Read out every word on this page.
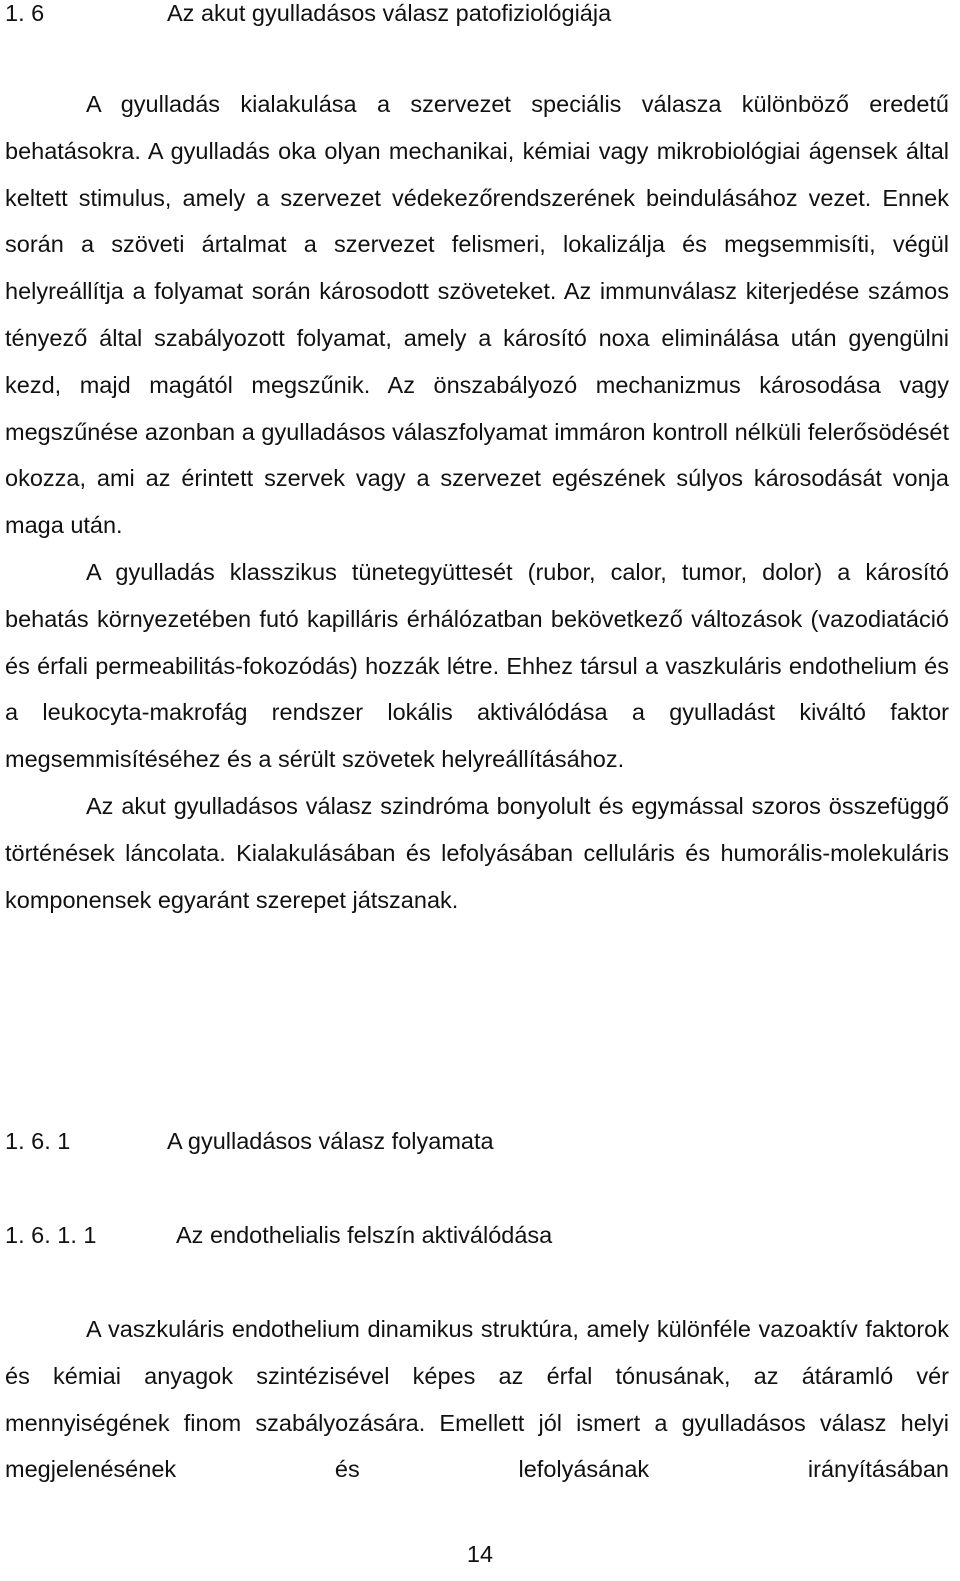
1. 6	Az akut gyulladásos válasz patofiziológiája

A gyulladás kialakulása a szervezet speciális válasza különböző eredetű behatásokra. A gyulladás oka olyan mechanikai, kémiai vagy mikrobiológiai ágensek által keltett stimulus, amely a szervezet védekezőrendszerének beindulásához vezet. Ennek során a szöveti ártalmat a szervezet felismeri, lokalizálja és megsemmisíti, végül helyreállítja a folyamat során károsodott szöveteket. Az immunválasz kiterjedése számos tényező által szabályozott folyamat, amely a károsító noxa eliminálása után gyengülni kezd, majd magától megszűnik. Az önszabályozó mechanizmus károsodása vagy megszűnése azonban a gyulladásos válaszfolyamat immáron kontroll nélküli felerősödését okozza, ami az érintett szervek vagy a szervezet egészének súlyos károsodását vonja maga után.

A gyulladás klasszikus tünetegyüttesét (rubor, calor, tumor, dolor) a károsító behatás környezetében futó kapilláris érhálózatban bekövetkező változások (vazodiatáció és érfali permeabilitás-fokozódás) hozzák létre. Ehhez társul a vaszkuláris endothelium és a leukocyta-makrofág rendszer lokális aktiválódása a gyulladást kiváltó faktor megsemmisítéséhez és a sérült szövetek helyreállításához.

Az akut gyulladásos válasz szindróma bonyolult és egymással szoros összefüggő történések láncolata. Kialakulásában és lefolyásában celluláris és humorális-molekuláris komponensek egyaránt szerepet játszanak.

1. 6. 1	A gyulladásos válasz folyamata
1. 6. 1. 1	Az endothelialis felszín aktiválódása

A vaszkuláris endothelium dinamikus struktúra, amely különféle vazoaktív faktorok és kémiai anyagok szintézisével képes az érfal tónusának, az átáramló vér mennyiségének finom szabályozására. Emellett jól ismert a gyulladásos válasz helyi megjelenésének és lefolyásának irányításában

14
